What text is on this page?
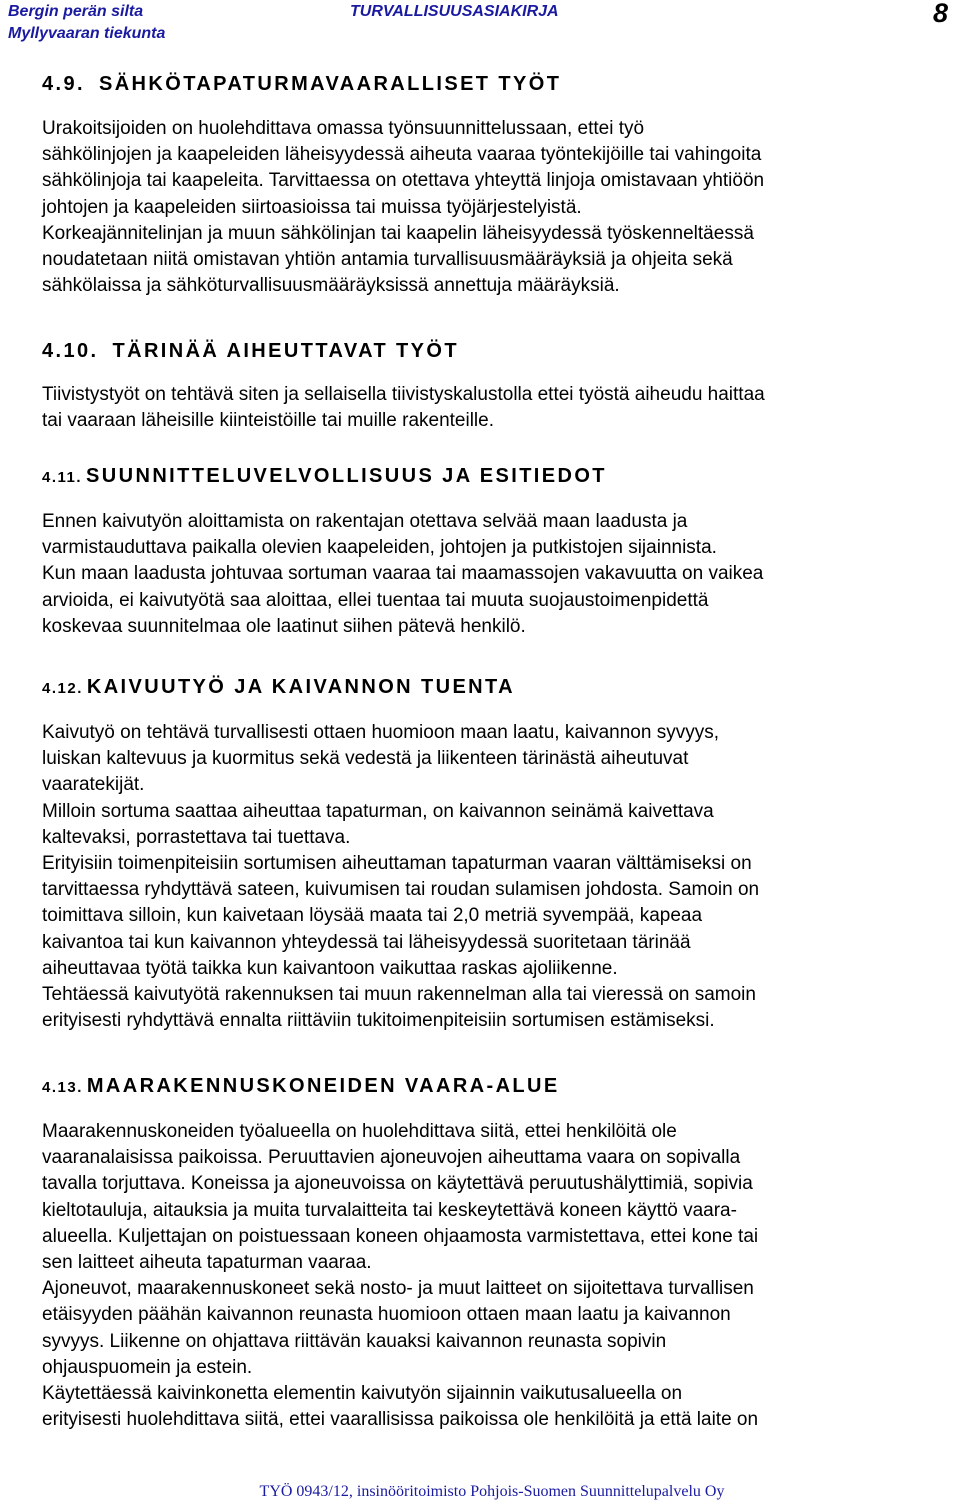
Bergin perän silta
Myllyvaaran tiekunta
TURVALLISUUSASIAKIRJA	8
4.9. SÄHKÖTAPATURMAVAARALLISET TYÖT
Urakoitsijoiden on huolehdittava omassa työnsuunnittelussaan, ettei työ
sähkölinjojen ja kaapeleiden läheisyydessä aiheuta vaaraa työntekijöille tai vahingoita
sähkölinjoja tai kaapeleita. Tarvittaessa on otettava yhteyttä linjoja omistavaan yhtiöön
johtojen ja kaapeleiden siirtoasioissa tai muissa työjärjestelyistä.
Korkeajännitelinjan ja muun sähkölinjan tai kaapelin läheisyydessä työskenneltäessä
noudatetaan niitä omistavan yhtiön antamia turvallisuusmääräyksiä ja ohjeita sekä
sähkölaissa ja sähköturvallisuusmääräyksissä annettuja määräyksiä.
4.10. TÄRINÄÄ AIHEUTTAVAT TYÖT
Tiivistystyöt on tehtävä siten ja sellaisella tiivistyskalustolla ettei työstä aiheudu haittaa
tai vaaraan läheisille kiinteistöille tai muille rakenteille.
4.11. SUUNNITTELUVELVOLLISUUS JA ESITIEDOT
Ennen kaivutyön aloittamista on rakentajan otettava selvää maan laadusta ja
varmistauduttava paikalla olevien kaapeleiden, johtojen ja putkistojen sijainnista.
Kun maan laadusta johtuvaa sortuman vaaraa tai maamassojen vakavuutta on vaikea
arvioida, ei kaivutyötä saa aloittaa, ellei tuentaa tai muuta suojaustoimenpidettä
koskevaa suunnitelmaa ole laatinut siihen pätevä henkilö.
4.12. KAIVUUTYÖ JA KAIVANNON TUENTA
Kaivutyö on tehtävä turvallisesti ottaen huomioon maan laatu, kaivannon syvyys,
luiskan kaltevuus ja kuormitus sekä vedestä ja liikenteen tärinästä aiheutuvat
vaaratekijät.
Milloin sortuma saattaa aiheuttaa tapaturman, on kaivannon seinämä kaivettava
kaltevaksi, porrastettava tai tuettava.
Erityisiin toimenpiteisiin sortumisen aiheuttaman tapaturman vaaran välttämiseksi on
tarvittaessa ryhdyttävä sateen, kuivumisen tai roudan sulamisen johdosta. Samoin on
toimittava silloin, kun kaivetaan löysää maata tai 2,0 metriä syvempää, kapeaa
kaivantoa tai kun kaivannon yhteydessä tai läheisyydessä suoritetaan tärinää
aiheuttavaa työtä taikka kun kaivantoon vaikuttaa raskas ajoliikenne.
Tehtäessä kaivutyötä rakennuksen tai muun rakennelman alla tai vieressä on samoin
erityisesti ryhdyttävä ennalta riittäviin tukitoimenpiteisiin sortumisen estämiseksi.
4.13. MAARAKENNUSKONEIDEN VAARA-ALUE
Maarakennuskoneiden työalueella on huolehdittava siitä, ettei henkilöitä ole
vaaranalaisissa paikoissa. Peruuttavien ajoneuvojen aiheuttama vaara on sopivalla
tavalla torjuttava. Koneissa ja ajoneuvoissa on käytettävä peruutushälyttimiä, sopivia
kieltotauluja, aitauksia ja muita turvalaitteita tai keskeytettävä koneen käyttö vaara-
alueella. Kuljettajan on poistuessaan koneen ohjaamosta varmistettava, ettei kone tai
sen laitteet aiheuta tapaturman vaaraa.
Ajoneuvot, maarakennuskoneet sekä nosto- ja muut laitteet on sijoitettava turvallisen
etäisyyden päähän kaivannon reunasta huomioon ottaen maan laatu ja kaivannon
syvyys. Liikenne on ohjattava riittävän kauaksi kaivannon reunasta sopivin
ohjauspuomein ja estein.
Käytettäessä kaivinkonetta elementin kaivutyön sijainnin vaikutusalueella on
erityisesti huolehdittava siitä, ettei vaarallisissa paikoissa ole henkilöitä ja että laite on
TYÖ 0943/12, insinööritoimisto Pohjois-Suomen Suunnittelupalvelu Oy
